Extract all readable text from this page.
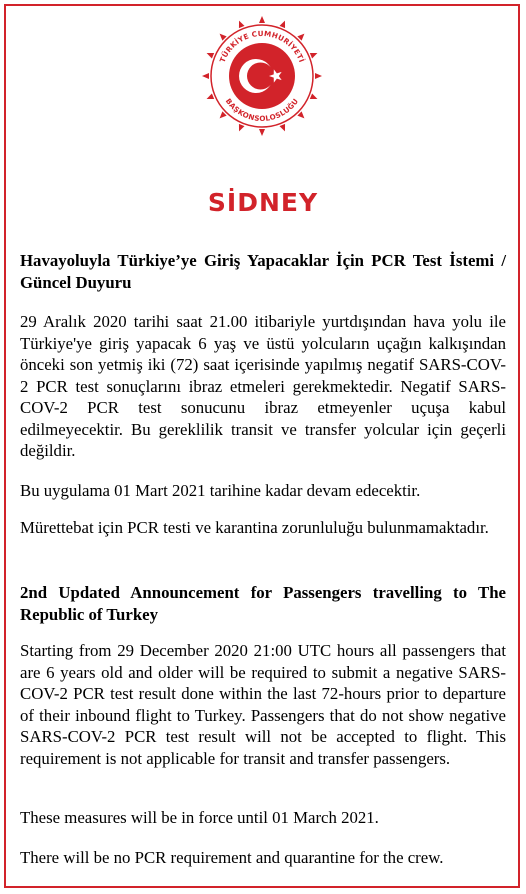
TÜRKİYE CUMHURİYETİ
BAŞKONSOLOSLUĞU
SİDNEY
Havayoluyla Türkiye’ye Giriş Yapacaklar İçin PCR Test İstemi / Güncel Duyuru
29 Aralık 2020 tarihi saat 21.00 itibariyle yurtdışından hava yolu ile Türkiye'ye giriş yapacak 6 yaş ve üstü yolcuların uçağın kalkışından önceki son yetmiş iki (72) saat içerisinde yapılmış negatif SARS-COV-2 PCR test sonuçlarını ibraz etmeleri gerekmektedir. Negatif SARS-COV-2 PCR test sonucunu ibraz etmeyenler uçuşa kabul edilmeyecektir. Bu gereklilik transit ve transfer yolcular için geçerli değildir.
Bu uygulama 01 Mart 2021 tarihine kadar devam edecektir.
Mürettebat için PCR testi ve karantina zorunluluğu bulunmamaktadır.
2nd Updated Announcement for Passengers travelling to The Republic of Turkey
Starting from 29 December 2020 21:00 UTC hours all passengers that are 6 years old and older will be required to submit a negative SARS-COV-2 PCR test result done within the last 72-hours prior to departure of their inbound flight to Turkey. Passengers that do not show negative SARS-COV-2 PCR test result will not be accepted to flight. This requirement is not applicable for transit and transfer passengers.
These measures will be in force until 01 March 2021.
There will be no PCR requirement and quarantine for the crew.
